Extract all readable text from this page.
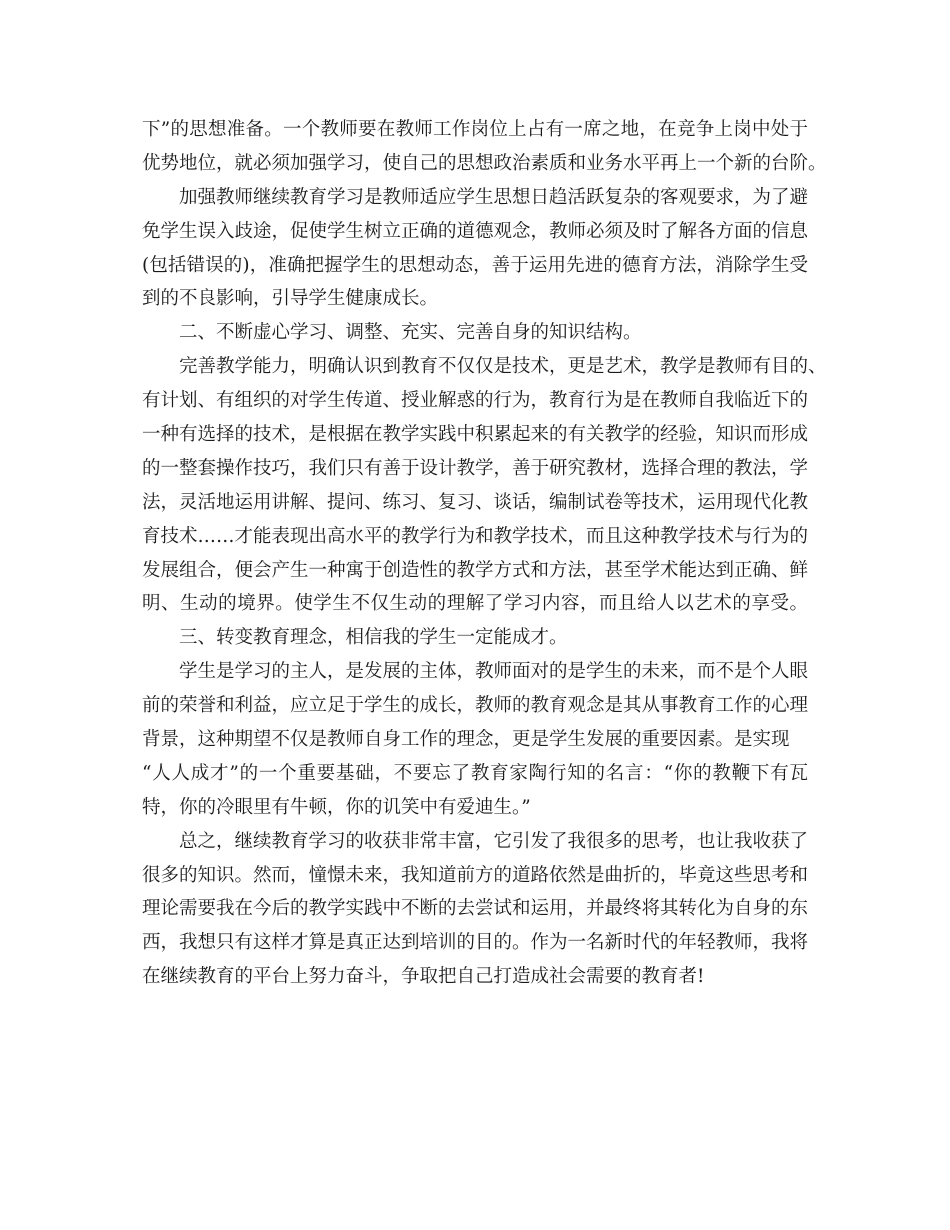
下”的思想准备。一个教师要在教师工作岗位上占有一席之地，在竞争上岗中处于
优势地位，就必须加强学习，使自己的思想政治素质和业务水平再上一个新的台阶。
加强教师继续教育学习是教师适应学生思想日趋活跃复杂的客观要求，为了避
免学生误入歧途，促使学生树立正确的道德观念，教师必须及时了解各方面的信息
(包括错误的)，准确把握学生的思想动态，善于运用先进的德育方法，消除学生受
到的不良影响，引导学生健康成长。
二、不断虚心学习、调整、充实、完善自身的知识结构。
完善教学能力，明确认识到教育不仅仅是技术，更是艺术，教学是教师有目的、
有计划、有组织的对学生传道、授业解惑的行为，教育行为是在教师自我临近下的
一种有选择的技术，是根据在教学实践中积累起来的有关教学的经验，知识而形成
的一整套操作技巧，我们只有善于设计教学，善于研究教材，选择合理的教法，学
法，灵活地运用讲解、提问、练习、复习、谈话，编制试卷等技术，运用现代化教
育技术……才能表现出高水平的教学行为和教学技术，而且这种教学技术与行为的
发展组合，便会产生一种寓于创造性的教学方式和方法，甚至学术能达到正确、鲜
明、生动的境界。使学生不仅生动的理解了学习内容，而且给人以艺术的享受。
三、转变教育理念，相信我的学生一定能成才。
学生是学习的主人，是发展的主体，教师面对的是学生的未来，而不是个人眼
前的荣誉和利益，应立足于学生的成长，教师的教育观念是其从事教育工作的心理
背景，这种期望不仅是教师自身工作的理念，更是学生发展的重要因素。是实现
“人人成才”的一个重要基础，不要忘了教育家陶行知的名言：“你的教鞭下有瓦
特，你的冷眼里有牛顿，你的讥笑中有爱迪生。”
总之，继续教育学习的收获非常丰富，它引发了我很多的思考，也让我收获了
很多的知识。然而，憧憬未来，我知道前方的道路依然是曲折的，毕竟这些思考和
理论需要我在今后的教学实践中不断的去尝试和运用，并最终将其转化为自身的东
西，我想只有这样才算是真正达到培训的目的。作为一名新时代的年轻教师，我将
在继续教育的平台上努力奋斗，争取把自己打造成社会需要的教育者!
